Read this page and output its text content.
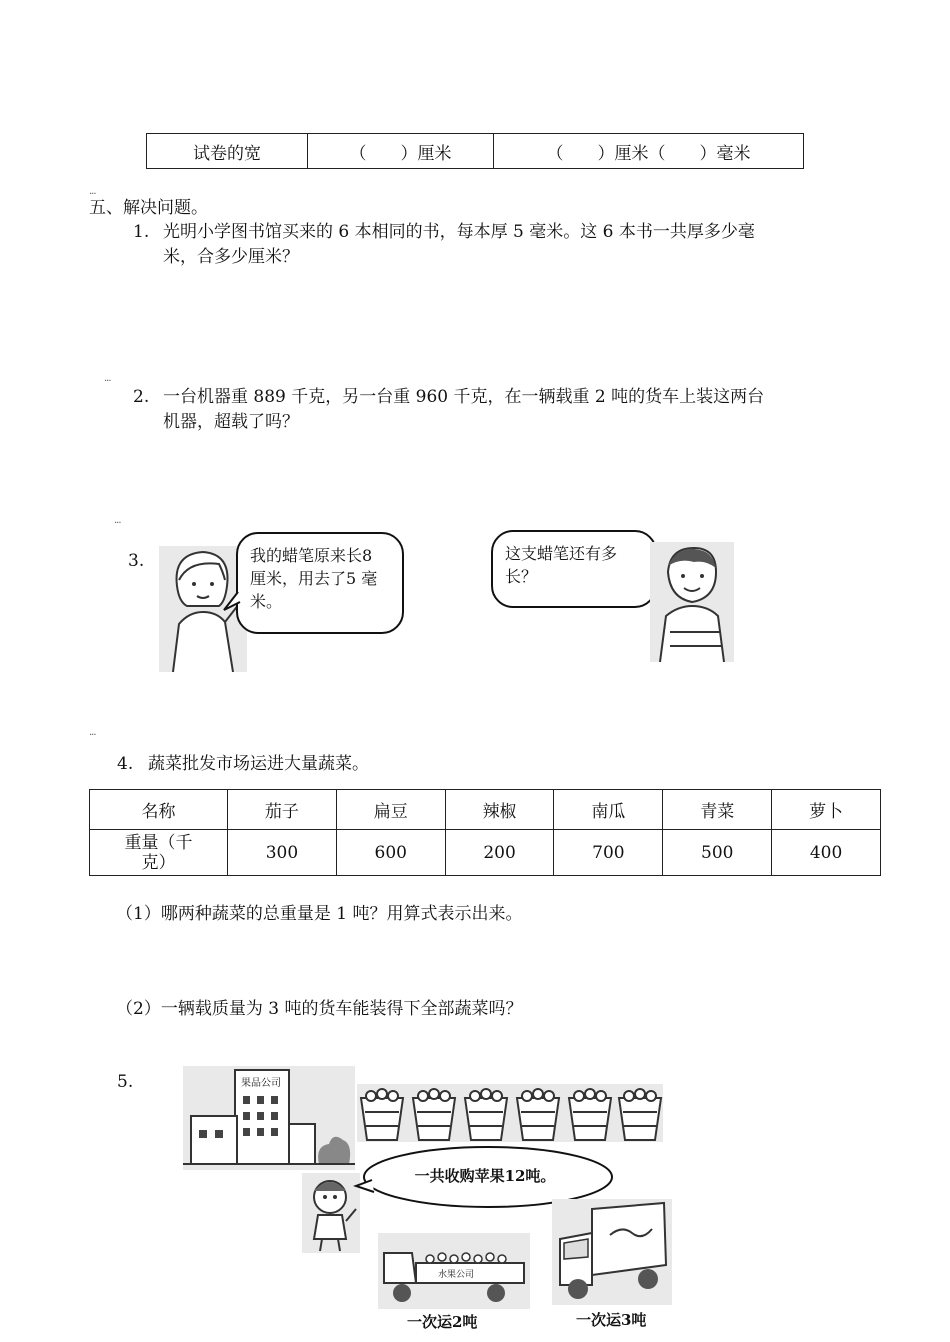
试卷的宽	（　　）厘米	（　　）厘米（　　）毫米
...
五、解决问题。
1. 光明小学图书馆买来的 6 本相同的书，每本厚 5 毫米。这 6 本书一共厚多少毫
米，合多少厘米？
...
2. 一台机器重 889 千克，另一台重 960 千克，在一辆载重 2 吨的货车上装这两台
机器，超载了吗？
...
3.	我的蜡笔原来长8 厘米，用去了5 毫米。
这支蜡笔还有多长？
...
4. 蔬菜批发市场运进大量蔬菜。
名称	茄子	扁豆	辣椒	南瓜	青菜	萝卜
重量（千克）	300	600	200	700	500	400
（1）哪两种蔬菜的总重量是 1 吨？用算式表示出来。
（2）一辆载质量为 3 吨的货车能装得下全部蔬菜吗？
5.	果品公司
一共收购苹果12吨。
水果公司
一次运2吨	一次运3吨
